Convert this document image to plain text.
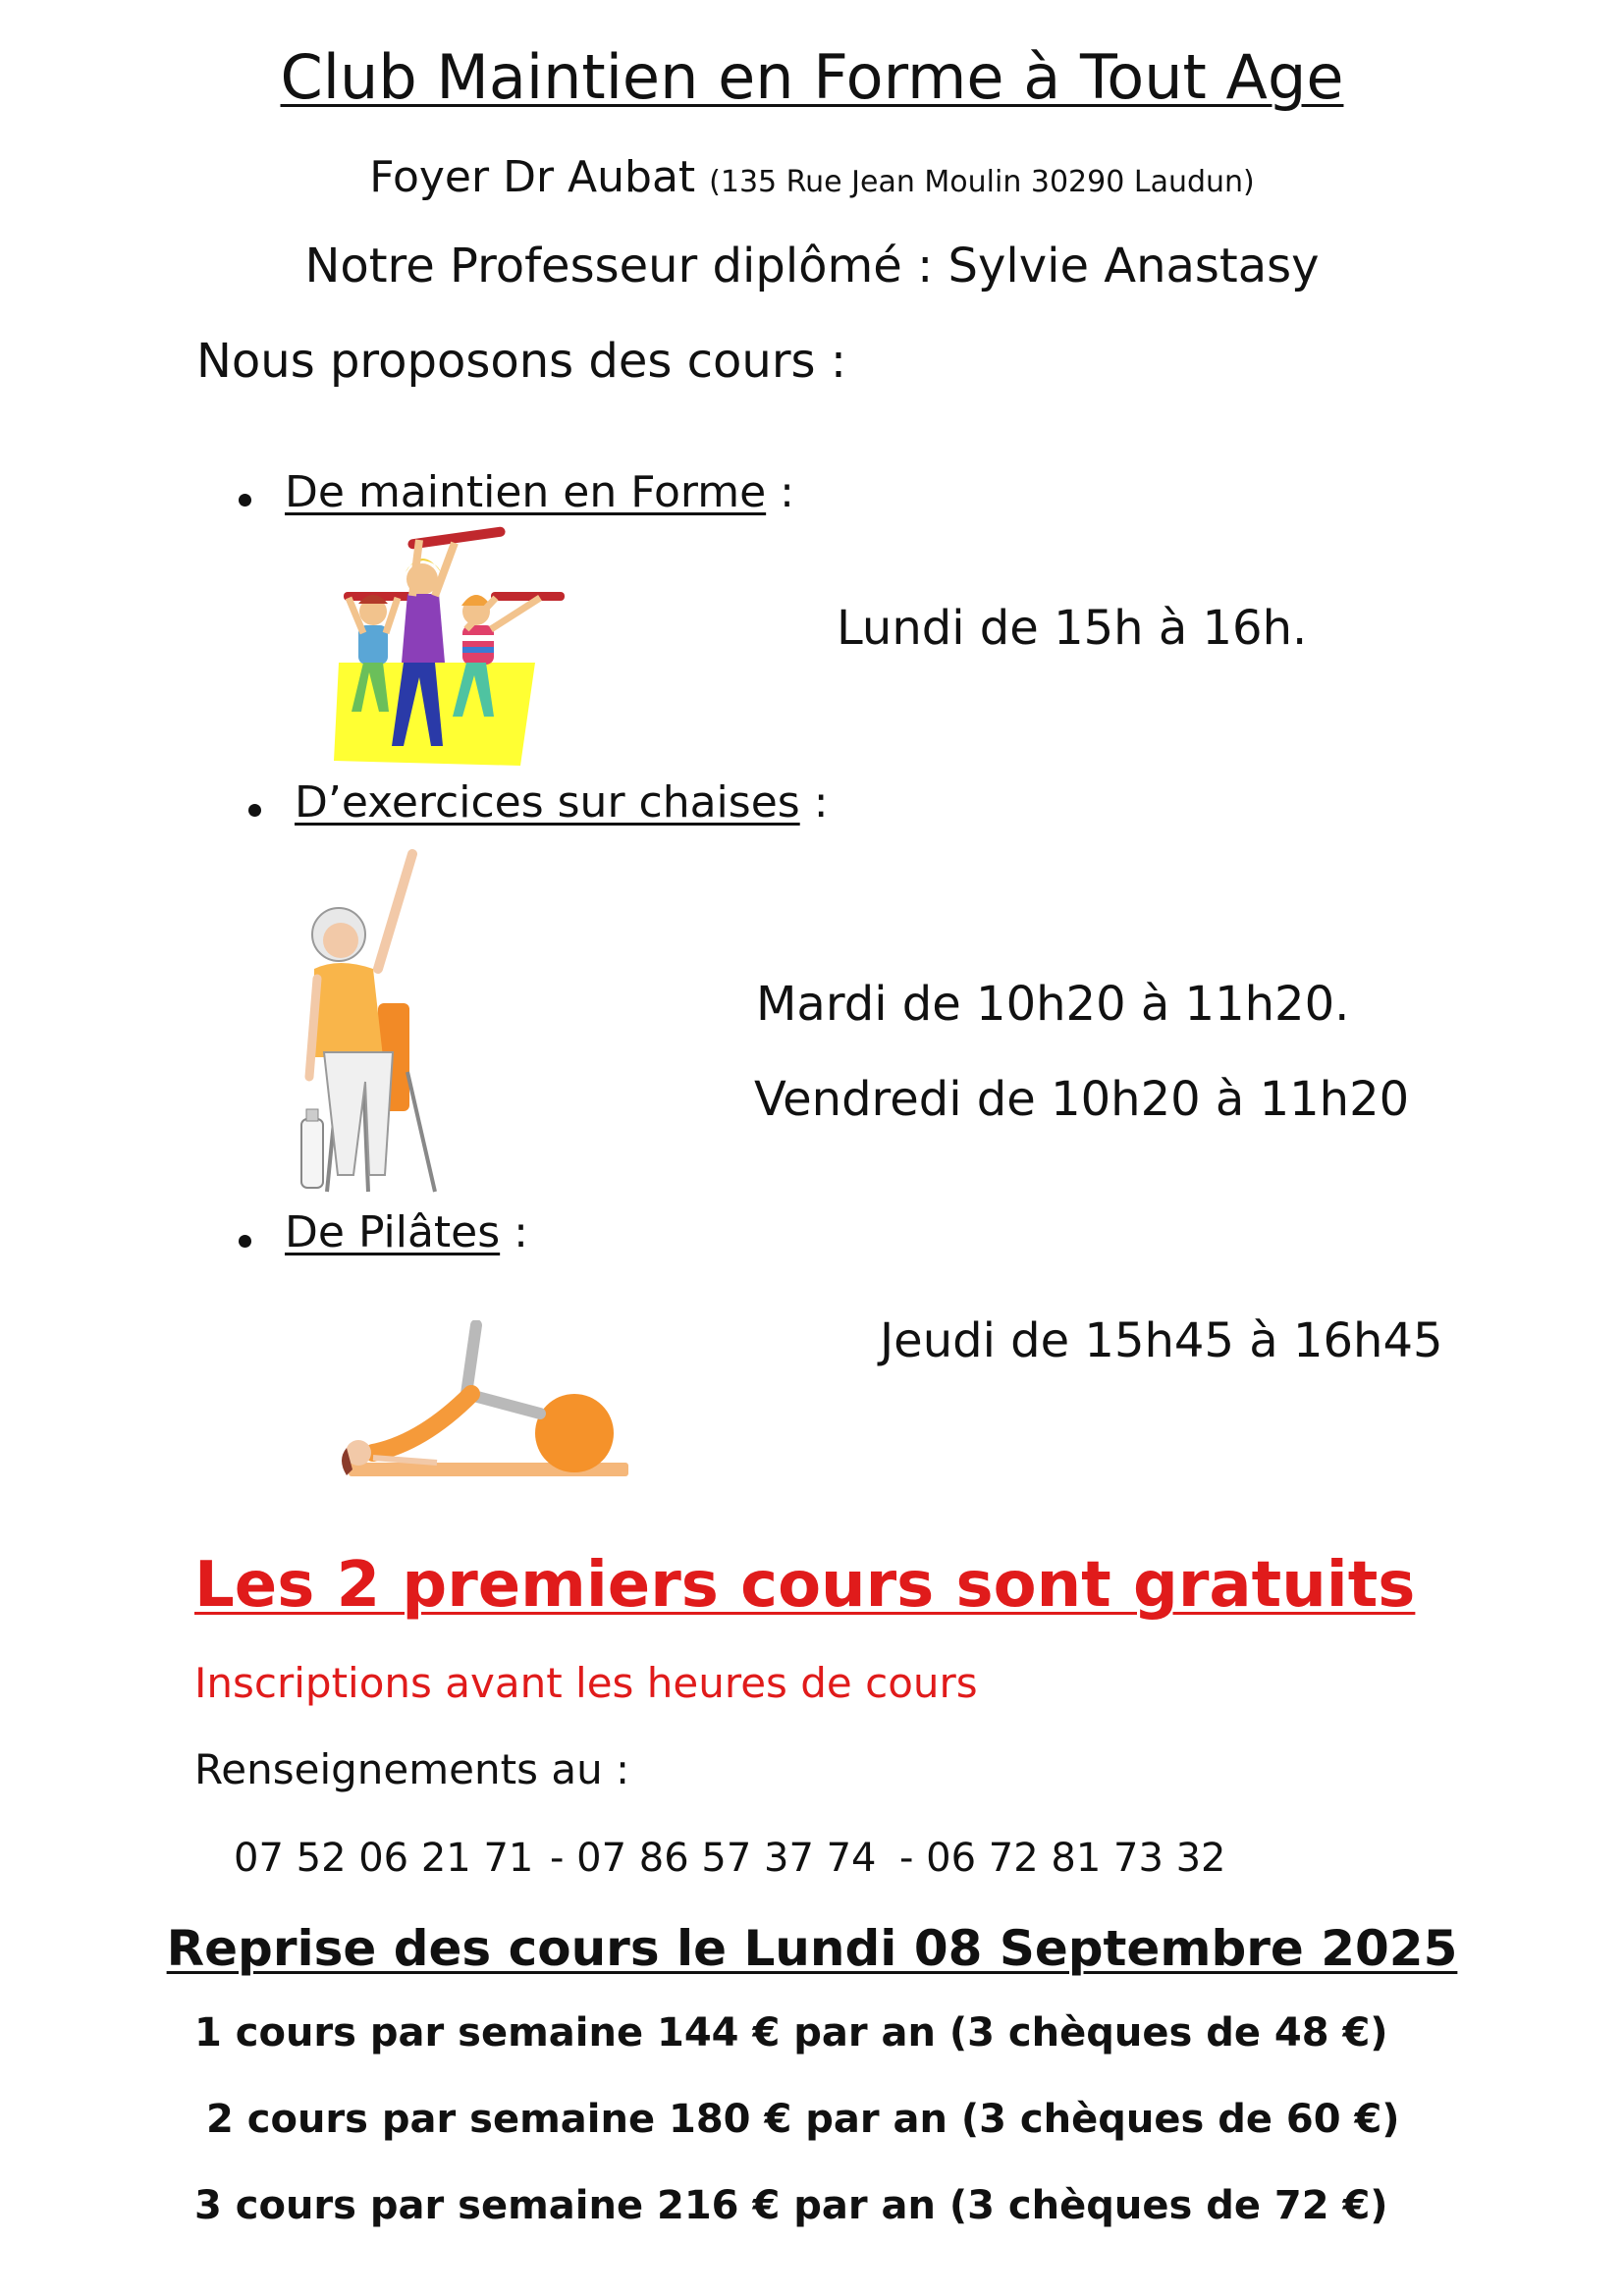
Club Maintien en Forme à Tout Age
Foyer Dr Aubat (135 Rue Jean Moulin 30290 Laudun)
Notre Professeur diplômé : Sylvie Anastasy
Nous proposons des cours :
De maintien en Forme :
Lundi de 15h à 16h.
D’exercices sur chaises :
Mardi de 10h20 à 11h20.
Vendredi de 10h20 à 11h20
De Pilâtes :
Jeudi de 15h45 à 16h45
Les 2 premiers cours sont gratuits
Inscriptions avant les heures de cours
Renseignements au :
07 52 06 21 71 - 07 86 57 37 74 - 06 72 81 73 32
Reprise des cours le Lundi 08 Septembre 2025
1 cours par semaine 144 € par an (3 chèques de 48 €)
2 cours par semaine 180 € par an (3 chèques de 60 €)
3 cours par semaine 216 € par an (3 chèques de 72 €)
